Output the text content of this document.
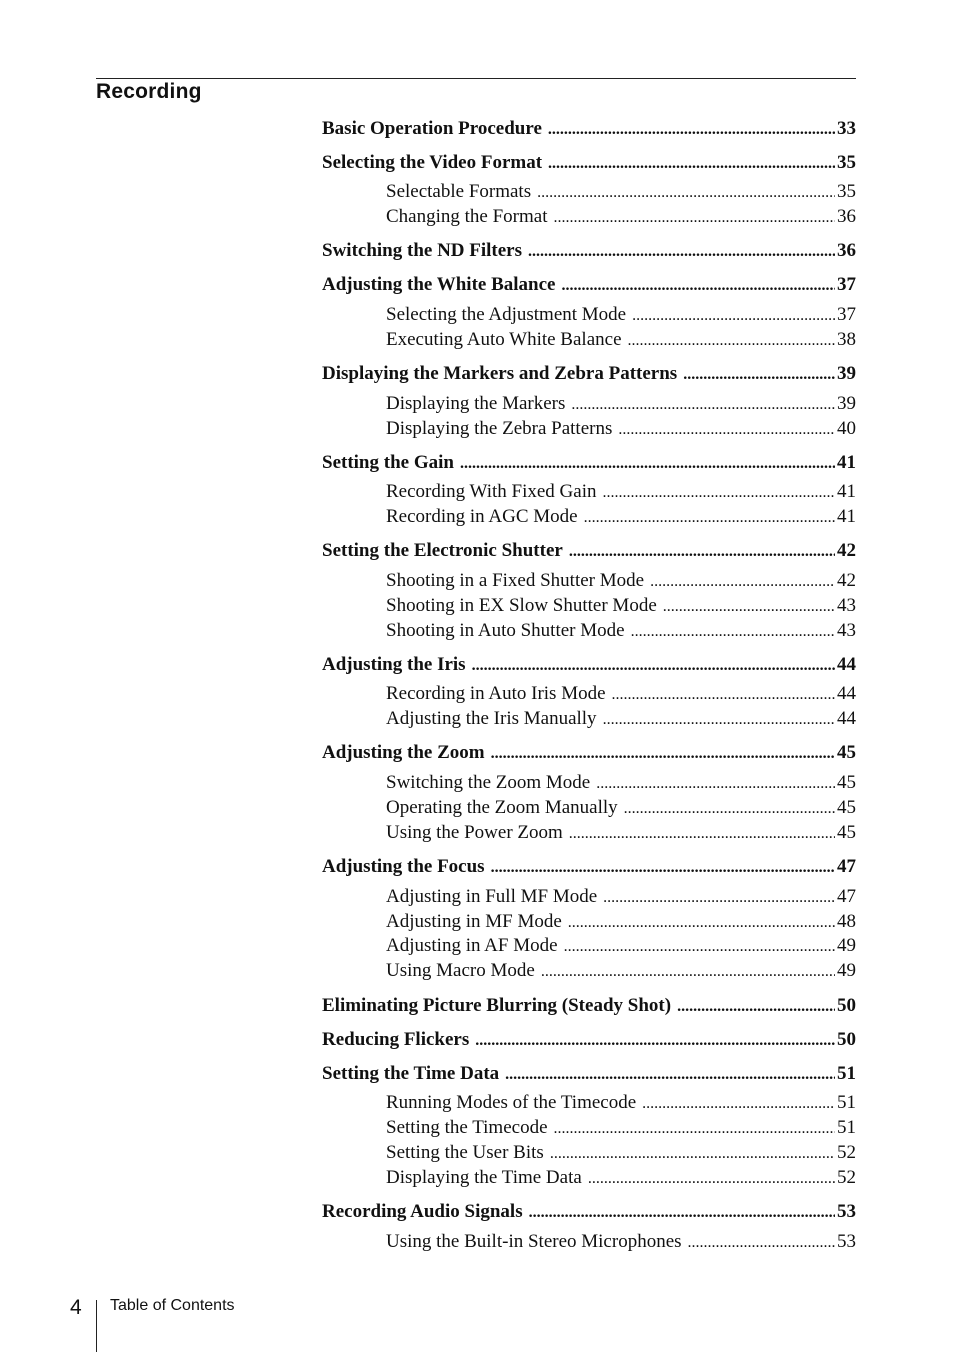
Recording
Basic Operation Procedure .....	33
Selecting the Video Format .....	35
Selectable Formats .....	35
Changing the Format .....	36
Switching the ND Filters .....	36
Adjusting the White Balance .....	37
Selecting the Adjustment Mode .....	37
Executing Auto White Balance .....	38
Displaying the Markers and Zebra Patterns .....	39
Displaying the Markers .....	39
Displaying the Zebra Patterns .....	40
Setting the Gain .....	41
Recording With Fixed Gain .....	41
Recording in AGC Mode .....	41
Setting the Electronic Shutter .....	42
Shooting in a Fixed Shutter Mode .....	42
Shooting in EX Slow Shutter Mode .....	43
Shooting in Auto Shutter Mode .....	43
Adjusting the Iris .....	44
Recording in Auto Iris Mode .....	44
Adjusting the Iris Manually .....	44
Adjusting the Zoom .....	45
Switching the Zoom Mode .....	45
Operating the Zoom Manually .....	45
Using the Power Zoom .....	45
Adjusting the Focus .....	47
Adjusting in Full MF Mode .....	47
Adjusting in MF Mode .....	48
Adjusting in AF Mode .....	49
Using Macro Mode .....	49
Eliminating Picture Blurring (Steady Shot) .....	50
Reducing Flickers .....	50
Setting the Time Data .....	51
Running Modes of the Timecode .....	51
Setting the Timecode .....	51
Setting the User Bits .....	52
Displaying the Time Data .....	52
Recording Audio Signals .....	53
Using the Built-in Stereo Microphones .....	53
4 Table of Contents
